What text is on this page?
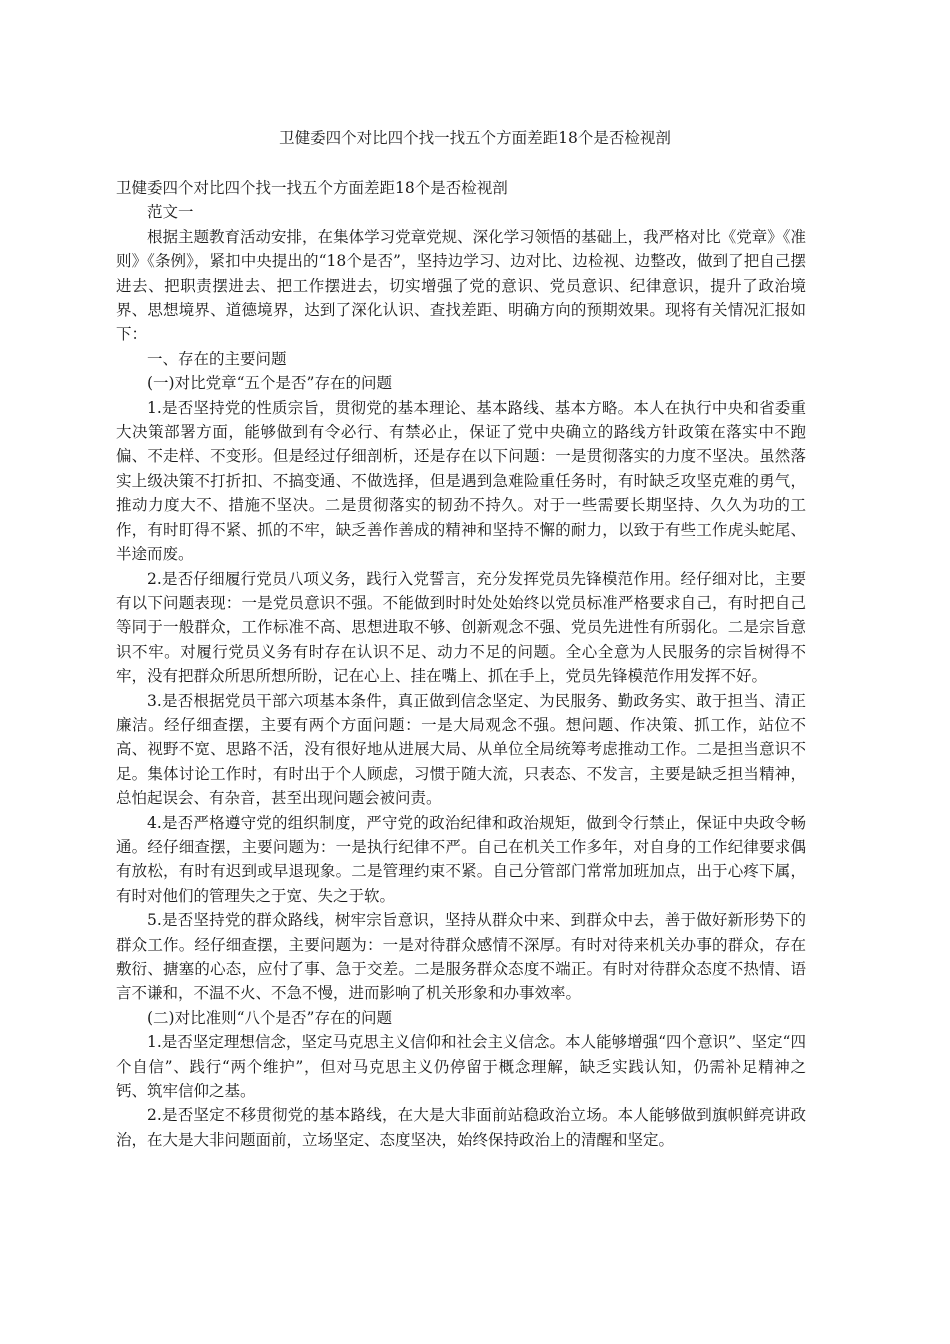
卫健委四个对比四个找一找五个方面差距18个是否检视剖

卫健委四个对比四个找一找五个方面差距18个是否检视剖

范文一

根据主题教育活动安排，在集体学习党章党规、深化学习领悟的基础上，我严格对比《党章》《准则》《条例》，紧扣中央提出的“18个是否”，坚持边学习、边对比、边检视、边整改，做到了把自己摆进去、把职责摆进去、把工作摆进去，切实增强了党的意识、党员意识、纪律意识，提升了政治境界、思想境界、道德境界，达到了深化认识、查找差距、明确方向的预期效果。现将有关情况汇报如下：

一、存在的主要问题

(一)对比党章“五个是否”存在的问题

1.是否坚持党的性质宗旨，贯彻党的基本理论、基本路线、基本方略。本人在执行中央和省委重大决策部署方面，能够做到有令必行、有禁必止，保证了党中央确立的路线方针政策在落实中不跑偏、不走样、不变形。但是经过仔细剖析，还是存在以下问题：一是贯彻落实的力度不坚决。虽然落实上级决策不打折扣、不搞变通、不做选择，但是遇到急难险重任务时，有时缺乏攻坚克难的勇气，推动力度大不、措施不坚决。二是贯彻落实的韧劲不持久。对于一些需要长期坚持、久久为功的工作，有时盯得不紧、抓的不牢，缺乏善作善成的精神和坚持不懈的耐力，以致于有些工作虎头蛇尾、半途而废。

2.是否仔细履行党员八项义务，践行入党誓言，充分发挥党员先锋模范作用。经仔细对比，主要有以下问题表现：一是党员意识不强。不能做到时时处处始终以党员标准严格要求自己，有时把自己等同于一般群众，工作标准不高、思想进取不够、创新观念不强、党员先进性有所弱化。二是宗旨意识不牢。对履行党员义务有时存在认识不足、动力不足的问题。全心全意为人民服务的宗旨树得不牢，没有把群众所思所想所盼，记在心上、挂在嘴上、抓在手上，党员先锋模范作用发挥不好。

3.是否根据党员干部六项基本条件，真正做到信念坚定、为民服务、勤政务实、敢于担当、清正廉洁。经仔细查摆，主要有两个方面问题：一是大局观念不强。想问题、作决策、抓工作，站位不高、视野不宽、思路不活，没有很好地从进展大局、从单位全局统筹考虑推动工作。二是担当意识不足。集体讨论工作时，有时出于个人顾虑，习惯于随大流，只表态、不发言，主要是缺乏担当精神，总怕起误会、有杂音，甚至出现问题会被问责。

4.是否严格遵守党的组织制度，严守党的政治纪律和政治规矩，做到令行禁止，保证中央政令畅通。经仔细查摆，主要问题为：一是执行纪律不严。自己在机关工作多年，对自身的工作纪律要求偶有放松，有时有迟到或早退现象。二是管理约束不紧。自己分管部门常常加班加点，出于心疼下属，有时对他们的管理失之于宽、失之于软。

5.是否坚持党的群众路线，树牢宗旨意识，坚持从群众中来、到群众中去，善于做好新形势下的群众工作。经仔细查摆，主要问题为：一是对待群众感情不深厚。有时对待来机关办事的群众，存在敷衍、搪塞的心态，应付了事、急于交差。二是服务群众态度不端正。有时对待群众态度不热情、语言不谦和，不温不火、不急不慢，进而影响了机关形象和办事效率。

(二)对比准则“八个是否”存在的问题

1.是否坚定理想信念，坚定马克思主义信仰和社会主义信念。本人能够增强“四个意识”、坚定“四个自信”、践行“两个维护”，但对马克思主义仍停留于概念理解，缺乏实践认知，仍需补足精神之钙、筑牢信仰之基。

2.是否坚定不移贯彻党的基本路线，在大是大非面前站稳政治立场。本人能够做到旗帜鲜亮讲政治，在大是大非问题面前，立场坚定、态度坚决，始终保持政治上的清醒和坚定。
